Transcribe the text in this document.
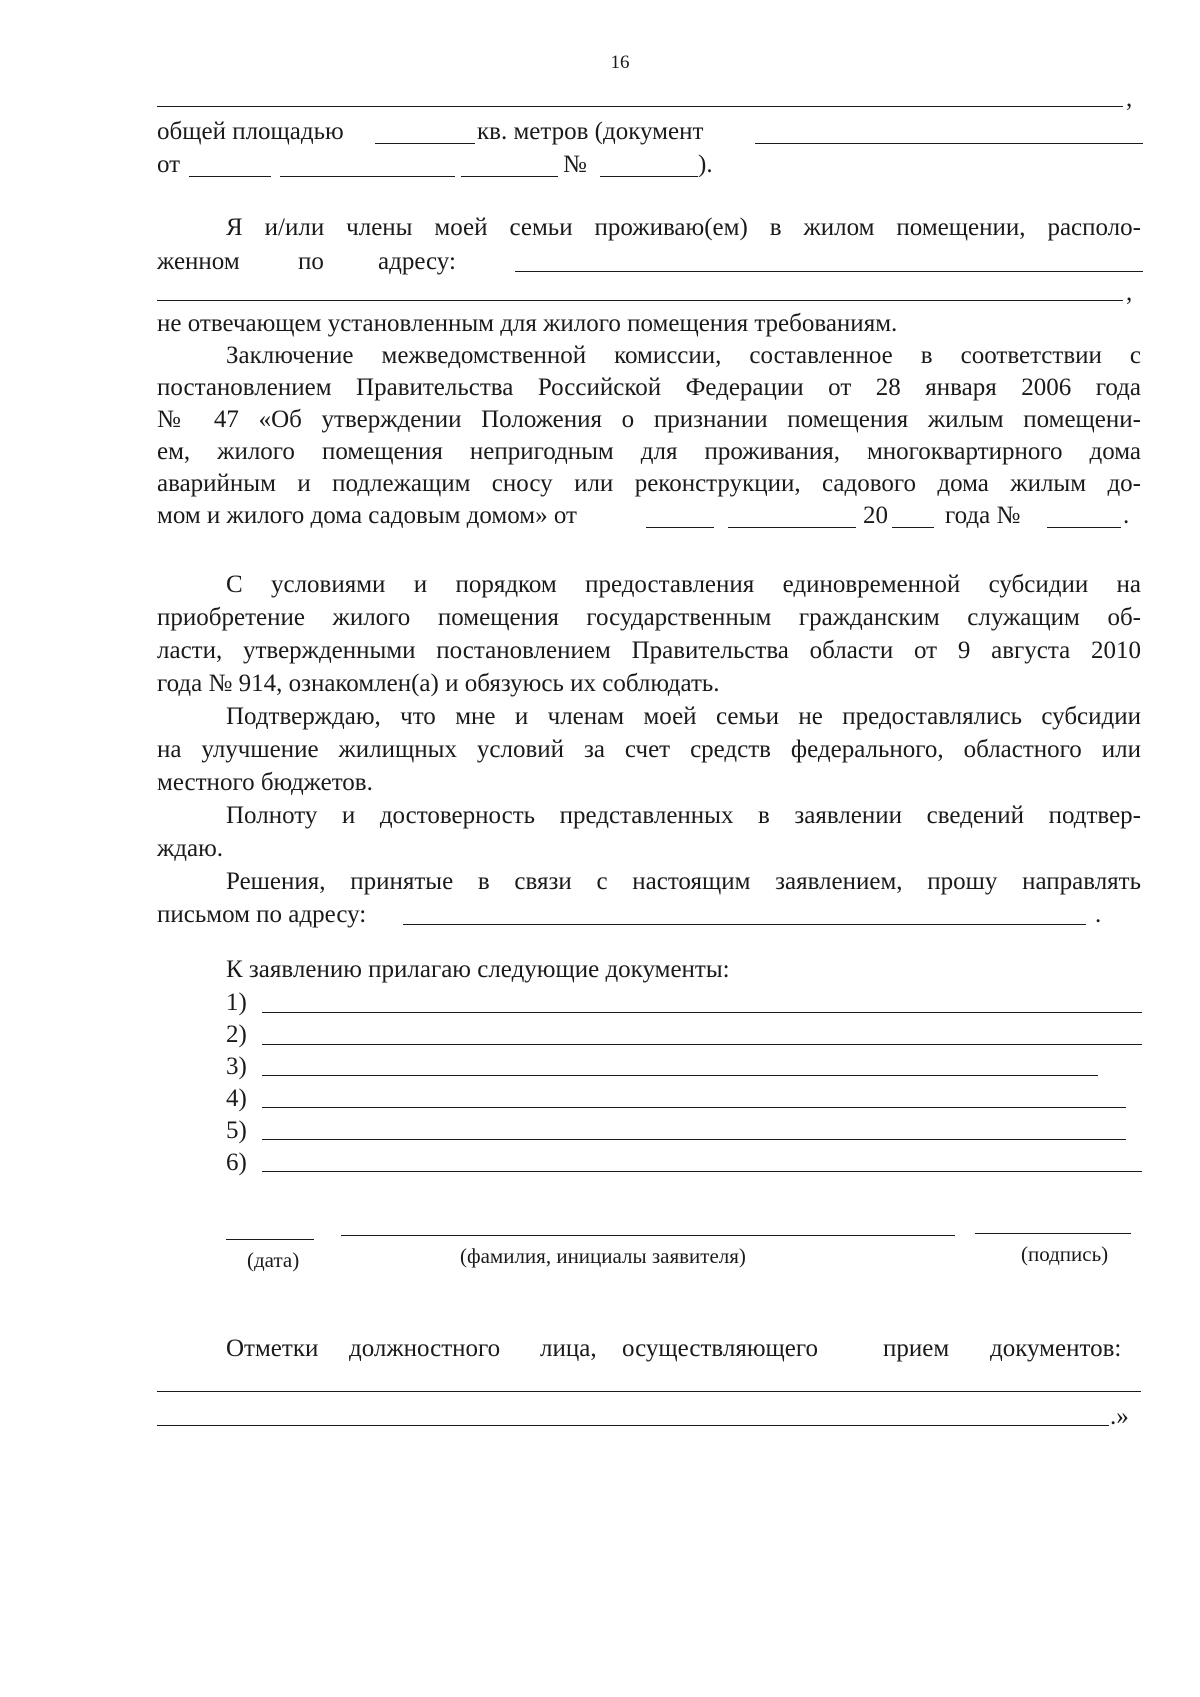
16
,
общей площадью	кв. метров (документ
от	№	).
Я и/или члены моей семьи проживаю(ем) в жилом помещении, располо-
женном по адресу:
,
не отвечающем установленным для жилого помещения требованиям.
Заключение межведомственной комиссии, составленное в соответствии с
постановлением Правительства Российской Федерации от 28 января 2006 года
№ 47 «Об утверждении Положения о признании помещения жилым помещени-
ем, жилого помещения непригодным для проживания, многоквартирного дома
аварийным и подлежащим сносу или реконструкции, садового дома жилым до-
мом и жилого дома садовым домом» от	20 года №	.
С условиями и порядком предоставления единовременной субсидии на
приобретение жилого помещения государственным гражданским служащим об-
ласти, утвержденными постановлением Правительства области от 9 августа 2010
года № 914, ознакомлен(а) и обязуюсь их соблюдать.
Подтверждаю, что мне и членам моей семьи не предоставлялись субсидии
на улучшение жилищных условий за счет средств федерального, областного или
местного бюджетов.
Полноту и достоверность представленных в заявлении сведений подтвер-
ждаю.
Решения, принятые в связи с настоящим заявлением, прошу направлять
письмом по адресу:	.
К заявлению прилагаю следующие документы:
1)
2)
3)
4)
5)
6)
(дата)	(фамилия, инициалы заявителя)	(подпись)
Отметки должностного лица, осуществляющего	прием документов:
.»
